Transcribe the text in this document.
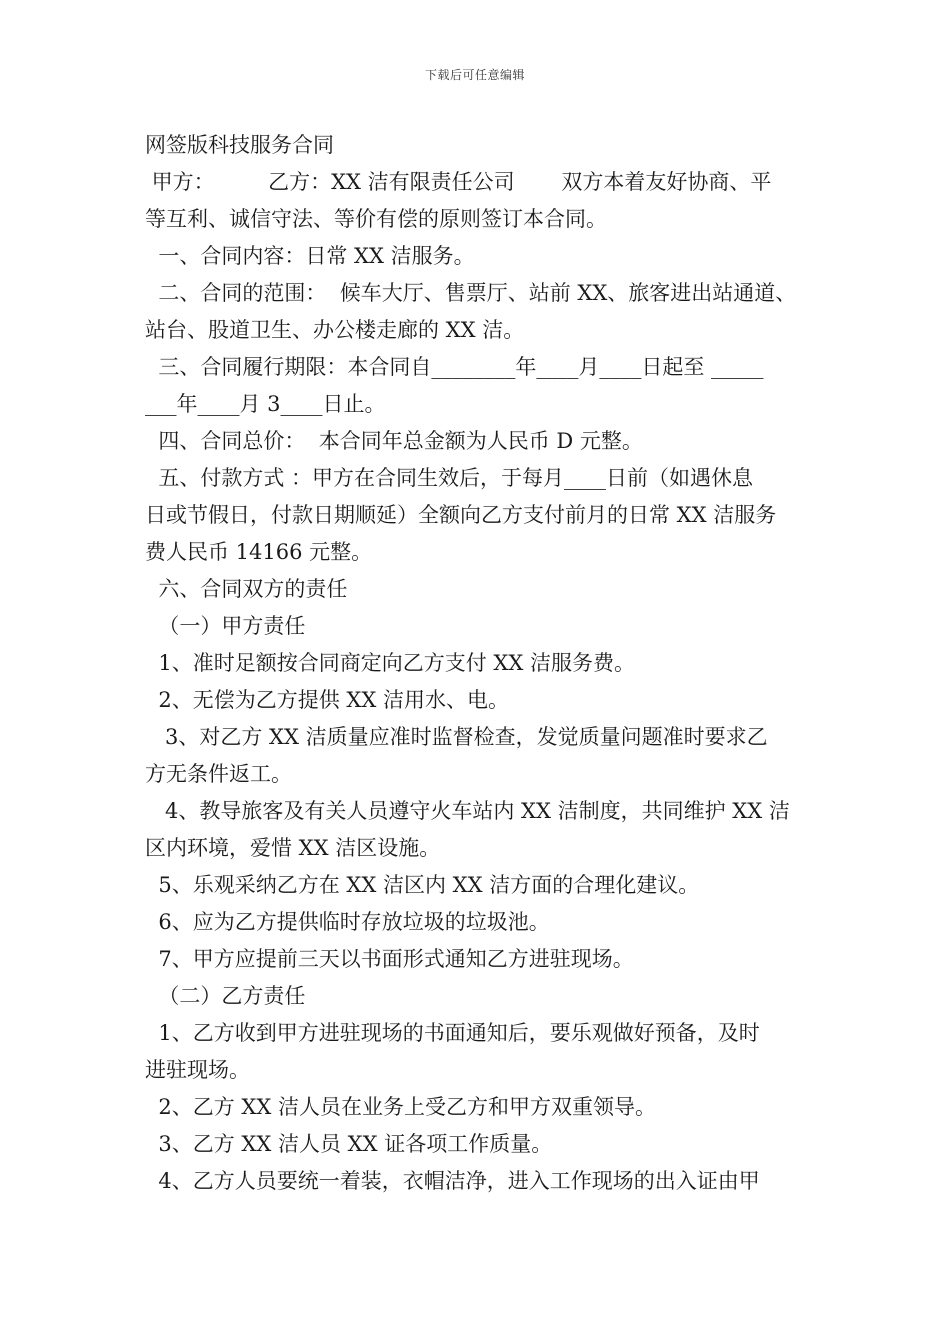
下载后可任意编辑
网签版科技服务合同
甲方：        乙方：XX 洁有限责任公司       双方本着友好协商、平
等互利、诚信守法、等价有偿的原则签订本合同。
一、合同内容：日常 XX 洁服务。
二、合同的范围：  候车大厅、售票厅、站前 XX、旅客进出站通道、
站台、股道卫生、办公楼走廊的 XX 洁。
三、合同履行期限：本合同自________年____月____日起至 _____
___年____月 3____日止。
四、合同总价：  本合同年总金额为人民币 D 元整。
五、付款方式 ：甲方在合同生效后，于每月____日前（如遇休息
日或节假日，付款日期顺延）全额向乙方支付前月的日常 XX 洁服务
费人民币 14166 元整。
六、合同双方的责任
（一）甲方责任
1、准时足额按合同商定向乙方支付 XX 洁服务费。
2、无偿为乙方提供 XX 洁用水、电。
3、对乙方 XX 洁质量应准时监督检查，发觉质量问题准时要求乙
方无条件返工。
4、教导旅客及有关人员遵守火车站内 XX 洁制度，共同维护 XX 洁
区内环境，爱惜 XX 洁区设施。
5、乐观采纳乙方在 XX 洁区内 XX 洁方面的合理化建议。
6、应为乙方提供临时存放垃圾的垃圾池。
7、甲方应提前三天以书面形式通知乙方进驻现场。
（二）乙方责任
1、乙方收到甲方进驻现场的书面通知后，要乐观做好预备，及时
进驻现场。
2、乙方 XX 洁人员在业务上受乙方和甲方双重领导。
3、乙方 XX 洁人员 XX 证各项工作质量。
4、乙方人员要统一着装，衣帽洁净，进入工作现场的出入证由甲
